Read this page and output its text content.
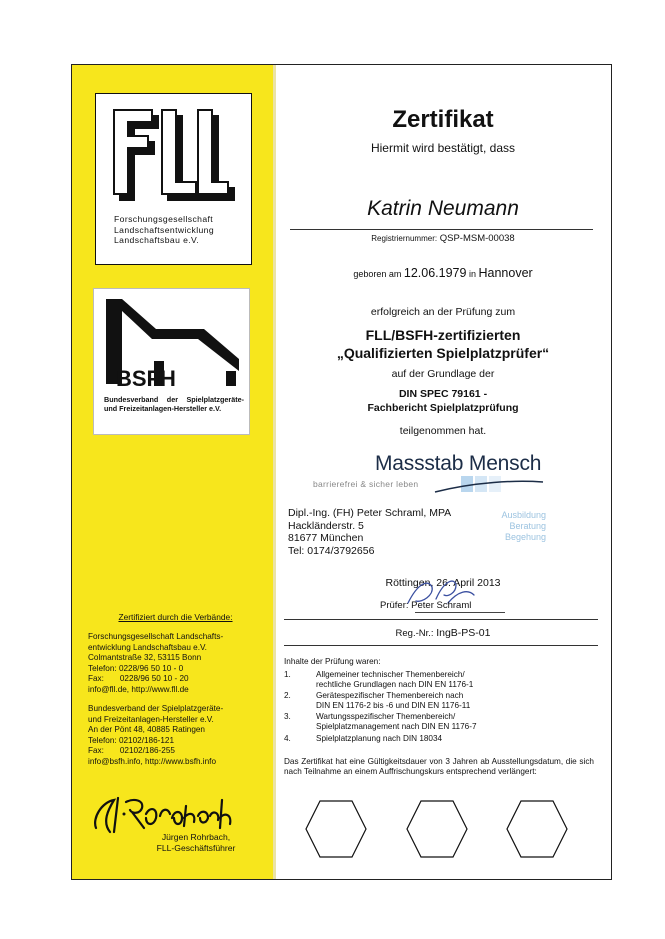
Forschungsgesellschaft
Landschaftsentwicklung
Landschaftsbau e.V.
BSFH
Bundesverband der Spielplatzgeräte- und Freizeitanlagen-Hersteller e.V.
Zertifiziert durch die Verbände:
Forschungsgesellschaft Landschafts-
entwicklung Landschaftsbau e.V.
Colmantstraße 32, 53115 Bonn
Telefon: 0228/96 50 10 - 0
Fax:       0228/96 50 10 - 20
info@fll.de, http://www.fll.de
Bundesverband der Spielplatzgeräte-
und Freizeitanlagen-Hersteller e.V.
An der Pönt 48, 40885 Ratingen
Telefon: 02102/186-121
Fax:       02102/186-255
info@bsfh.info, http://www.bsfh.info
Jürgen Rohrbach,
FLL-Geschäftsführer
Zertifikat
Hiermit wird bestätigt, dass
Katrin Neumann
Registriernummer: QSP-MSM-00038
geboren am 12.06.1979 in Hannover
erfolgreich an der Prüfung zum
FLL/BSFH-zertifizierten
„Qualifizierten Spielplatzprüfer“
auf der Grundlage der
DIN SPEC 79161 -
Fachbericht Spielplatzprüfung
teilgenommen hat.
Massstab Mensch
barrierefrei & sicher leben
Dipl.-Ing. (FH) Peter Schraml, MPA
Hackländerstr. 5
81677 München
Tel: 0174/3792656
Ausbildung
Beratung
Begehung
Röttingen, 26. April 2013
Prüfer: Peter Schraml
Reg.-Nr.: IngB-PS-01
Inhalte der Prüfung waren:
1.	Allgemeiner technischer Themenbereich/
rechtliche Grundlagen nach DIN EN 1176-1
2.	Gerätespezifischer Themenbereich nach
DIN EN 1176-2 bis -6 und DIN EN 1176-11
3.	Wartungsspezifischer Themenbereich/
Spielplatzmanagement nach DIN EN 1176-7
4.	Spielplatzplanung nach DIN 18034
Das Zertifikat hat eine Gültigkeitsdauer von 3 Jahren ab Ausstellungsdatum, die sich nach Teilnahme an einem Auffrischungskurs entsprechend verlängert:
